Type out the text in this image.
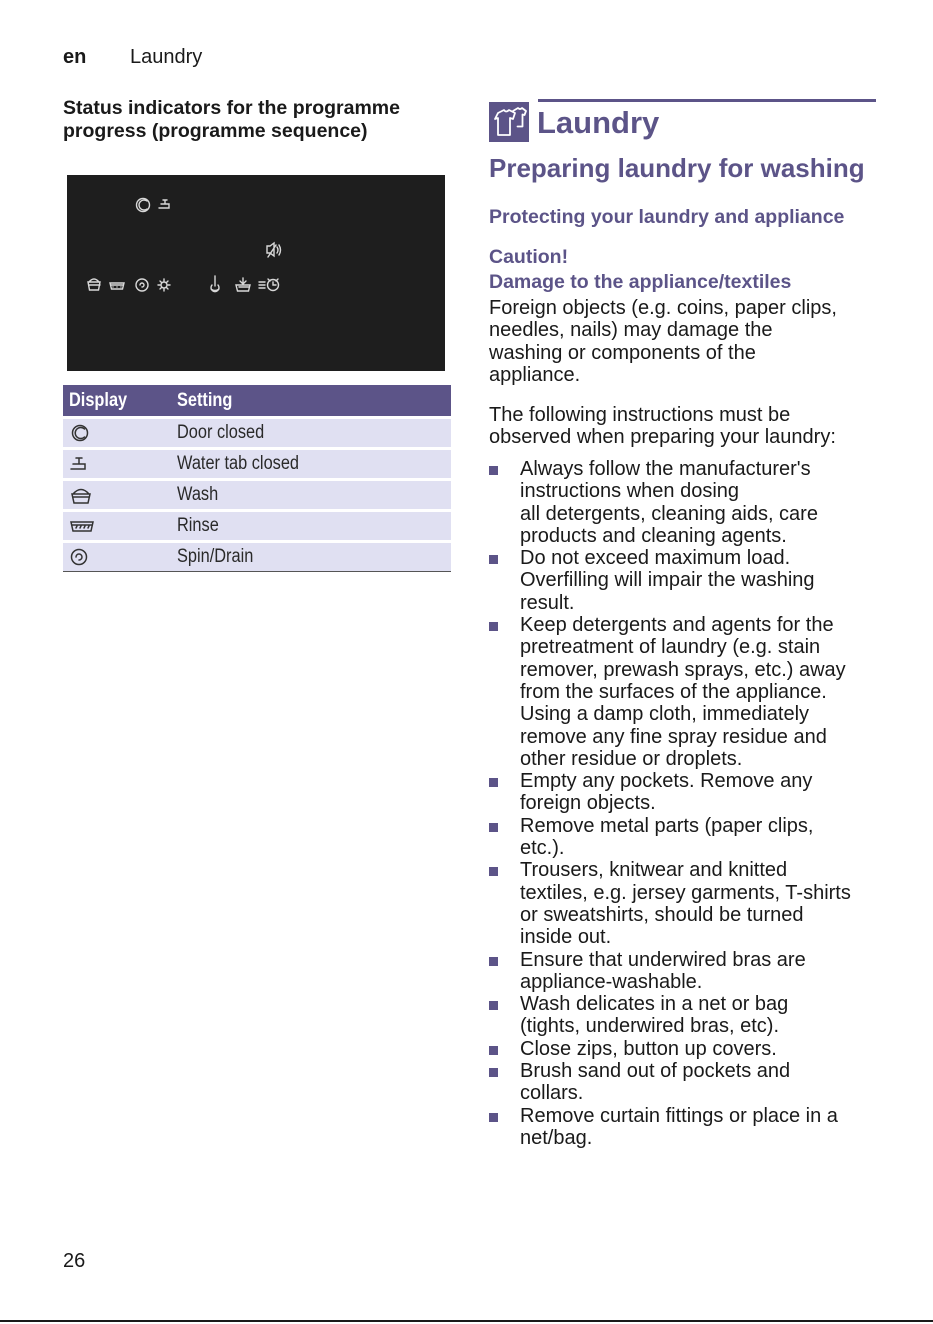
en Laundry
Status indicators for the programme progress (programme sequence)
Display	Setting

	Door closed

	Water tab closed

	Wash

	Rinse

	Spin/Drain
Laundry
Preparing laundry for washing
Protecting your laundry and appliance
Caution!
Damage to the appliance/textiles
Foreign objects (e.g. coins, paper clips,
needles, nails) may damage the
washing or components of the
appliance.
The following instructions must be
observed when preparing your laundry:
Always follow the manufacturer's
instructions when dosing
all detergents, cleaning aids, care
products and cleaning agents.
Do not exceed maximum load.
Overfilling will impair the washing
result.
Keep detergents and agents for the
pretreatment of laundry (e.g. stain
remover, prewash sprays, etc.) away
from the surfaces of the appliance.
Using a damp cloth, immediately
remove any fine spray residue and
other residue or droplets.
Empty any pockets. Remove any
foreign objects.
Remove metal parts (paper clips,
etc.).
Trousers, knitwear and knitted
textiles, e.g. jersey garments, T-shirts
or sweatshirts, should be turned
inside out.
Ensure that underwired bras are
appliance-washable.
Wash delicates in a net or bag
(tights, underwired bras, etc).
Close zips, button up covers.
Brush sand out of pockets and
collars.
Remove curtain fittings or place in a
net/bag.
26
